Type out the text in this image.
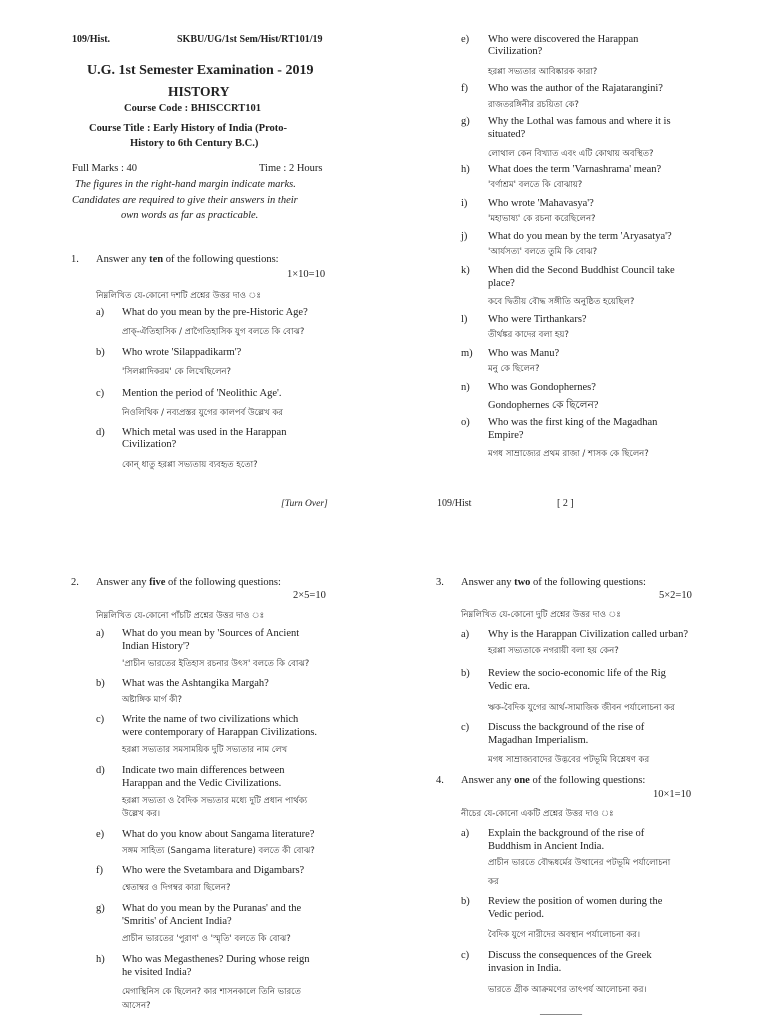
109/Hist.	SKBU/UG/1st Sem/Hist/RT101/19
U.G. 1st Semester Examination - 2019
HISTORY
Course Code : BHISCCRT101
Course Title : Early History of India (Proto-
History to 6th Century B.C.)
Full Marks : 40	Time : 2 Hours
The figures in the right-hand margin indicate marks.
Candidates are required to give their answers in their
own words as far as practicable.
1. Answer any ten of the following questions:
1×10=10
নিম্নলিখিত যে-কোনো দশটি প্রশ্নের উত্তর দাও ঃ
a) What do you mean by the pre-Historic Age?
প্রাক্-ঐতিহাসিক / প্রাগৈতিহাসিক যুগ বলতে কি বোঝ?
b) Who wrote 'Silappadikarm'?
'সিলপ্পাদিকরম' কে লিখেছিলেন?
c) Mention the period of 'Neolithic Age'.
নিওলিথিক / নব্যপ্রস্তর যুগের কালপর্ব উল্লেখ কর
d) Which metal was used in the Harappan
Civilization?
কোন্ ধাতু হরপ্পা সভ্যতায় ব্যবহৃত হতো?
[Turn Over]
e) Who were discovered the Harappan
Civilization?
হরপ্পা সভ্যতার আবিষ্কারক কারা?
f) Who was the author of the Rajatarangini?
রাজতরঙ্গিনীর রচয়িতা কে?
g) Why the Lothal was famous and where it is
situated?
লোথাল কেন বিখ্যাত এবং এটি কোথায় অবস্থিত?
h) What does the term 'Varnashrama' mean?
'বর্ণাশ্রম' বলতে কি বোঝায়?
i) Who wrote 'Mahavasya'?
'মহাভাষ্য' কে রচনা করেছিলেন?
j) What do you mean by the term 'Aryasatya'?
'আর্যসত্য' বলতে তুমি কি বোঝ?
k) When did the Second Buddhist Council take
place?
কবে দ্বিতীয় বৌদ্ধ সঙ্গীতি অনুষ্ঠিত হয়েছিল?
l) Who were Tirthankars?
তীর্থঙ্কর কাদের বলা হয়?
m) Who was Manu?
মনু কে ছিলেন?
n) Who was Gondophernes?
Gondophernes কে ছিলেন?
o) Who was the first king of the Magadhan
Empire?
মগধ সাম্রাজ্যের প্রথম রাজা / শাসক কে ছিলেন?
109/Hist	[ 2 ]
2. Answer any five of the following questions:
2×5=10
নিম্নলিখিত যে-কোনো পাঁচটি প্রশ্নের উত্তর দাও ঃ
a) What do you mean by 'Sources of Ancient
Indian History'?
'প্রাচীন ভারতের ইতিহাস রচনার উৎস' বলতে কি বোঝ?
b) What was the Ashtangika Margah?
অষ্টাঙ্গিক মার্গ কী?
c) Write the name of two civilizations which
were contemporary of Harappan Civilizations.
হরপ্পা সভ্যতার সমসাময়িক দুটি সভ্যতার নাম লেখ
d) Indicate two main differences between
Harappan and the Vedic Civilizations.
হরপ্পা সভ্যতা ও বৈদিক সভ্যতার মধ্যে দুটি প্রধান পার্থক্য
উল্লেখ কর।
e) What do you know about Sangama literature?
সঙ্গম সাহিত্য (Sangama literature) বলতে কী বোঝ?
f) Who were the Svetambara and Digambars?
শ্বেতাম্বর ও দিগম্বর কারা ছিলেন?
g) What do you mean by the Puranas' and the
'Smritis' of Ancient India?
প্রাচীন ভারতের 'পুরাণ' ও 'স্মৃতি' বলতে কি বোঝ?
h) Who was Megasthenes? During whose reign
he visited India?
মেগাস্থিনিস কে ছিলেন? কার শাসনকালে তিনি ভারতে
আসেন?
3. Answer any two of the following questions:
5×2=10
নিম্নলিখিত যে-কোনো দুটি প্রশ্নের উত্তর দাও ঃ
a) Why is the Harappan Civilization called urban?
হরপ্পা সভ্যতাকে নগরায়ী বলা হয় কেন?
b) Review the socio-economic life of the Rig
Vedic era.
ঋক-বৈদিক যুগের আর্থ-সামাজিক জীবন পর্যালোচনা কর
c) Discuss the background of the rise of
Magadhan Imperialism.
মগধ সাম্রাজ্যবাদের উদ্ভবের পটভূমি বিশ্লেষণ কর
4. Answer any one of the following questions:
10×1=10
নীচের যে-কোনো একটি প্রশ্নের উত্তর দাও ঃ
a) Explain the background of the rise of
Buddhism in Ancient India.
প্রাচীন ভারতে বৌদ্ধধর্মের উত্থানের পটভূমি পর্যালোচনা
কর
b) Review the position of women during the
Vedic period.
বৈদিক যুগে নারীদের অবস্থান পর্যালোচনা কর।
c) Discuss the consequences of the Greek
invasion in India.
ভারতে গ্রীক আক্রমণের তাৎপর্য আলোচনা কর।
________
